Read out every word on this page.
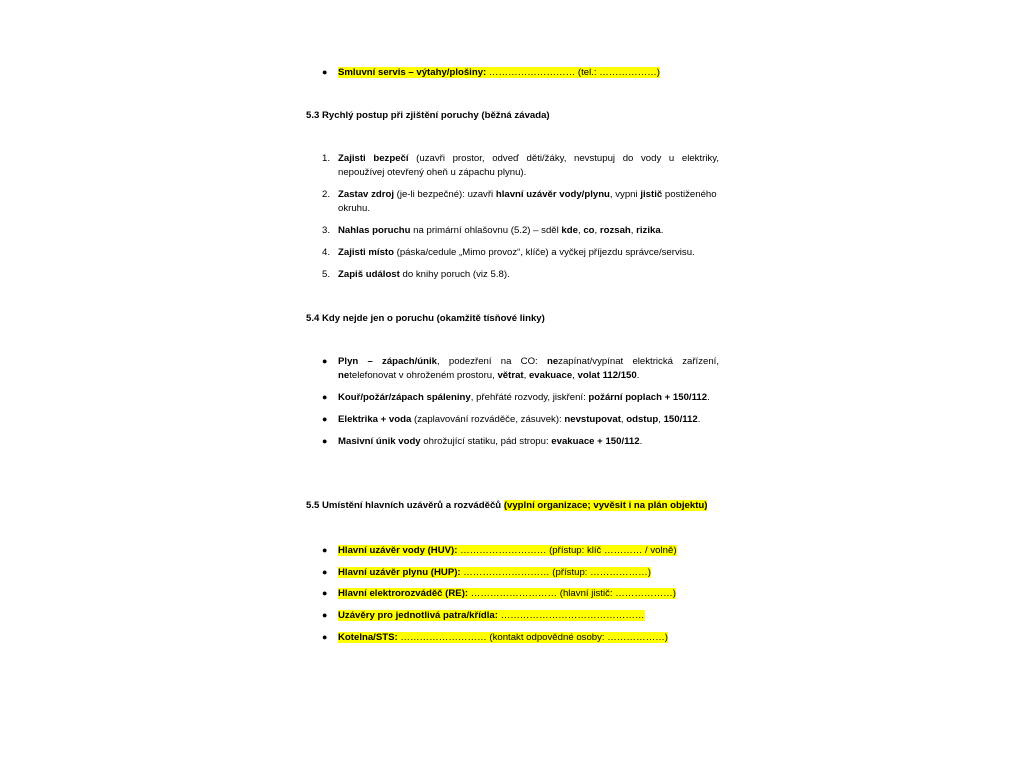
● Smluvní servis – výtahy/plošiny: ……………………… (tel.: ………………)
5.3 Rychlý postup při zjištění poruchy (běžná závada)
1. Zajisti bezpečí (uzavři prostor, odveď děti/žáky, nevstupuj do vody u elektriky,
nepoužívej otevřený oheň u zápachu plynu).
2. Zastav zdroj (je-li bezpečné): uzavři hlavní uzávěr vody/plynu, vypni jistič postiženého
okruhu.
3. Nahlas poruchu na primární ohlašovnu (5.2) – sděl kde, co, rozsah, rizika.
4. Zajisti místo (páska/cedule „Mimo provoz“, klíče) a vyčkej příjezdu správce/servisu.
5. Zapiš událost do knihy poruch (viz 5.8).
5.4 Kdy nejde jen o poruchu (okamžitě tísňové linky)
● Plyn – zápach/únik, podezření na CO: nezapínat/vypínat elektrická zařízení,
netelefonovat v ohroženém prostoru, větrat, evakuace, volat 112/150.
● Kouř/požár/zápach spáleniny, přehřáté rozvody, jiskření: požární poplach + 150/112.
● Elektrika + voda (zaplavování rozváděče, zásuvek): nevstupovat, odstup, 150/112.
● Masivní únik vody ohrožující statiku, pád stropu: evakuace + 150/112.
5.5 Umístění hlavních uzávěrů a rozváděčů (vyplní organizace; vyvěsit i na plán objektu)
● Hlavní uzávěr vody (HUV): ……………………… (přístup: klíč ………… / volně)
● Hlavní uzávěr plynu (HUP): ……………………… (přístup: ………………)
● Hlavní elektrorozváděč (RE): ……………………… (hlavní jistič: ………………)
● Uzávěry pro jednotlivá patra/křídla: ………………………………………
● Kotelna/STS: ……………………… (kontakt odpovědné osoby: ………………)
